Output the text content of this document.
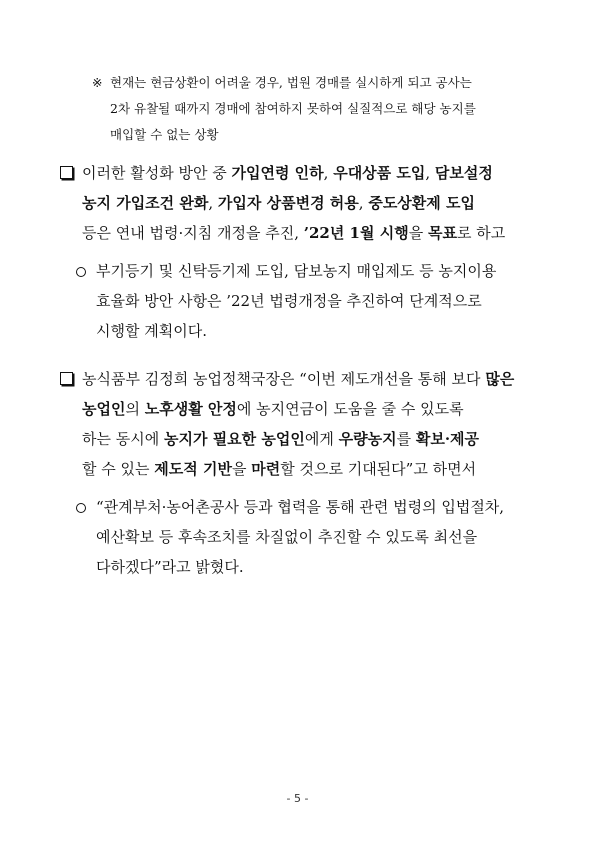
※ 현재는 현금상환이 어려울 경우, 법원 경매를 실시하게 되고 공사는
2차 유찰될 때까지 경매에 참여하지 못하여 실질적으로 해당 농지를
매입할 수 없는 상황
이러한 활성화 방안 중 가입연령 인하, 우대상품 도입, 담보설정
농지 가입조건 완화, 가입자 상품변경 허용, 중도상환제 도입
등은 연내 법령·지침 개정을 추진, ’22년 1월 시행을 목표로 하고
부기등기 및 신탁등기제 도입, 담보농지 매입제도 등 농지이용
효율화 방안 사항은 ’22년 법령개정을 추진하여 단계적으로
시행할 계획이다.
농식품부 김정희 농업정책국장은 “이번 제도개선을 통해 보다 많은
농업인의 노후생활 안정에 농지연금이 도움을 줄 수 있도록
하는 동시에 농지가 필요한 농업인에게 우량농지를 확보·제공
할 수 있는 제도적 기반을 마련할 것으로 기대된다”고 하면서
“관계부처·농어촌공사 등과 협력을 통해 관련 법령의 입법절차,
예산확보 등 후속조치를 차질없이 추진할 수 있도록 최선을
다하겠다”라고 밝혔다.
- 5 -
